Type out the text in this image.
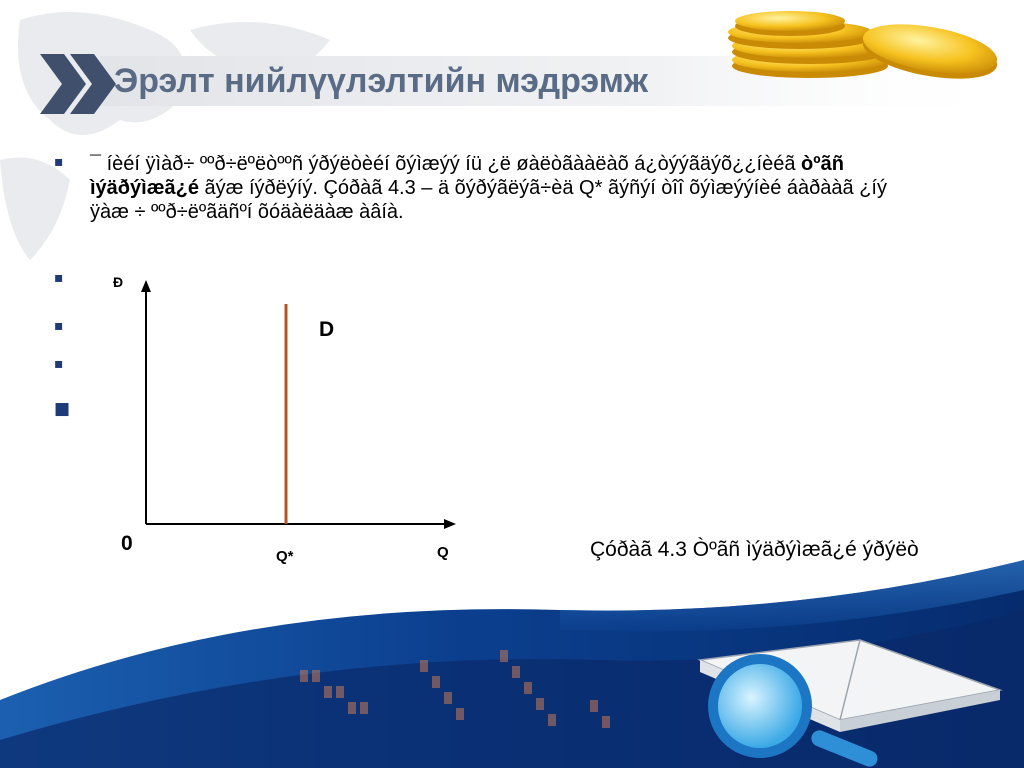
Эрэлт нийлүүлэлтийн мэдрэмж
▪
▪
▪
▪
■
¯ íèéí ÿìàð÷ ººð÷ëºëòººñ ýðýëòèéí õýìæýý íü ¿ë øàëòãààëàõ á¿òýýãäýõ¿¿íèéã òºãñ ìýäðýìæã¿é ãýæ íýðëýíý. Çóðàã 4.3 – ä õýðýãëýã÷èä Q* ãýñýí òîî õýìæýýíèé áàðààã ¿íý ÿàæ ÷ ººð÷ëºãäñºí õóäàëäàæ àâíà.
Ð
D
0
Q*	Q	Çóðàã 4.3 Òºãñ ìýäðýìæã¿é ýðýëò
